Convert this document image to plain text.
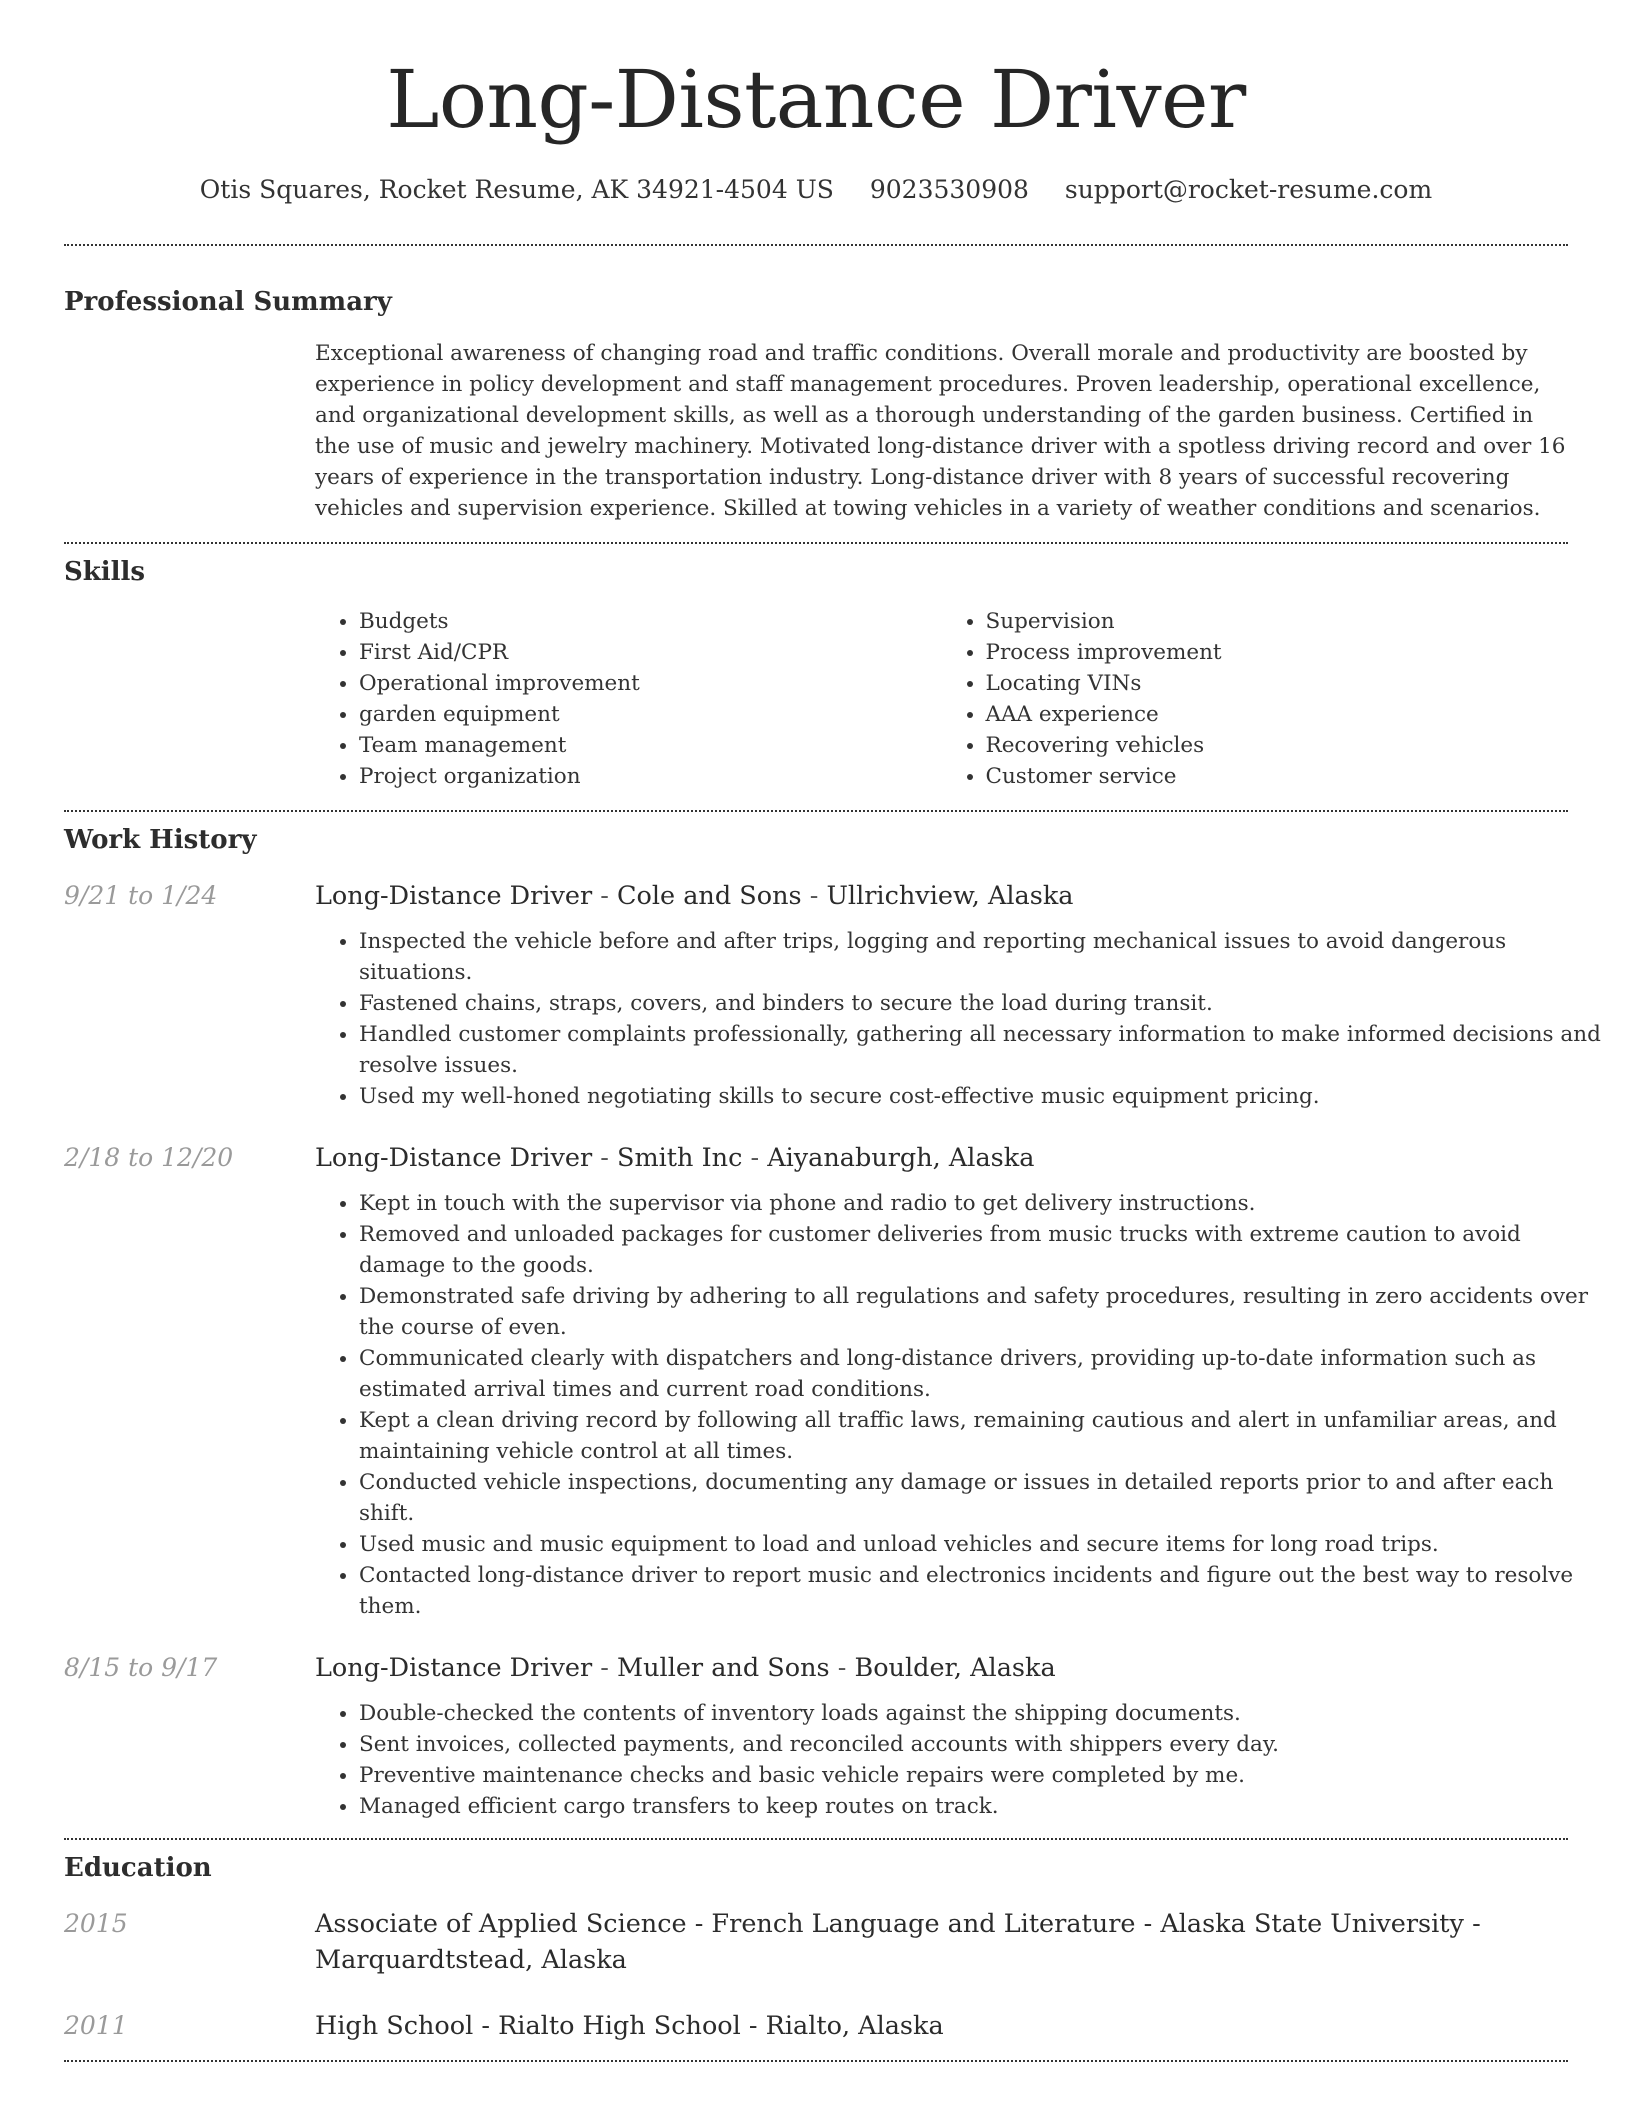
Long-Distance Driver
Otis Squares, Rocket Resume, AK 34921-4504 US 9023530908 support@rocket-resume.com
Professional Summary
Exceptional awareness of changing road and traffic conditions. Overall morale and productivity are boosted by experience in policy development and staff management procedures. Proven leadership, operational excellence, and organizational development skills, as well as a thorough understanding of the garden business. Certified in the use of music and jewelry machinery. Motivated long-distance driver with a spotless driving record and over 16 years of experience in the transportation industry. Long-distance driver with 8 years of successful recovering vehicles and supervision experience. Skilled at towing vehicles in a variety of weather conditions and scenarios.
Skills
• Budgets
• First Aid/CPR
• Operational improvement
• garden equipment
• Team management
• Project organization
• Supervision
• Process improvement
• Locating VINs
• AAA experience
• Recovering vehicles
• Customer service
Work History
9/21 to 1/24	Long-Distance Driver - Cole and Sons - Ullrichview, Alaska
• Inspected the vehicle before and after trips, logging and reporting mechanical issues to avoid dangerous situations.
• Fastened chains, straps, covers, and binders to secure the load during transit.
• Handled customer complaints professionally, gathering all necessary information to make informed decisions and resolve issues.
• Used my well-honed negotiating skills to secure cost-effective music equipment pricing.
2/18 to 12/20	Long-Distance Driver - Smith Inc - Aiyanaburgh, Alaska
• Kept in touch with the supervisor via phone and radio to get delivery instructions.
• Removed and unloaded packages for customer deliveries from music trucks with extreme caution to avoid damage to the goods.
• Demonstrated safe driving by adhering to all regulations and safety procedures, resulting in zero accidents over the course of even.
• Communicated clearly with dispatchers and long-distance drivers, providing up-to-date information such as estimated arrival times and current road conditions.
• Kept a clean driving record by following all traffic laws, remaining cautious and alert in unfamiliar areas, and maintaining vehicle control at all times.
• Conducted vehicle inspections, documenting any damage or issues in detailed reports prior to and after each shift.
• Used music and music equipment to load and unload vehicles and secure items for long road trips.
• Contacted long-distance driver to report music and electronics incidents and figure out the best way to resolve them.
8/15 to 9/17	Long-Distance Driver - Muller and Sons - Boulder, Alaska
• Double-checked the contents of inventory loads against the shipping documents.
• Sent invoices, collected payments, and reconciled accounts with shippers every day.
• Preventive maintenance checks and basic vehicle repairs were completed by me.
• Managed efficient cargo transfers to keep routes on track.
Education
2015	Associate of Applied Science - French Language and Literature - Alaska State University - Marquardtstead, Alaska
2011	High School - Rialto High School - Rialto, Alaska
